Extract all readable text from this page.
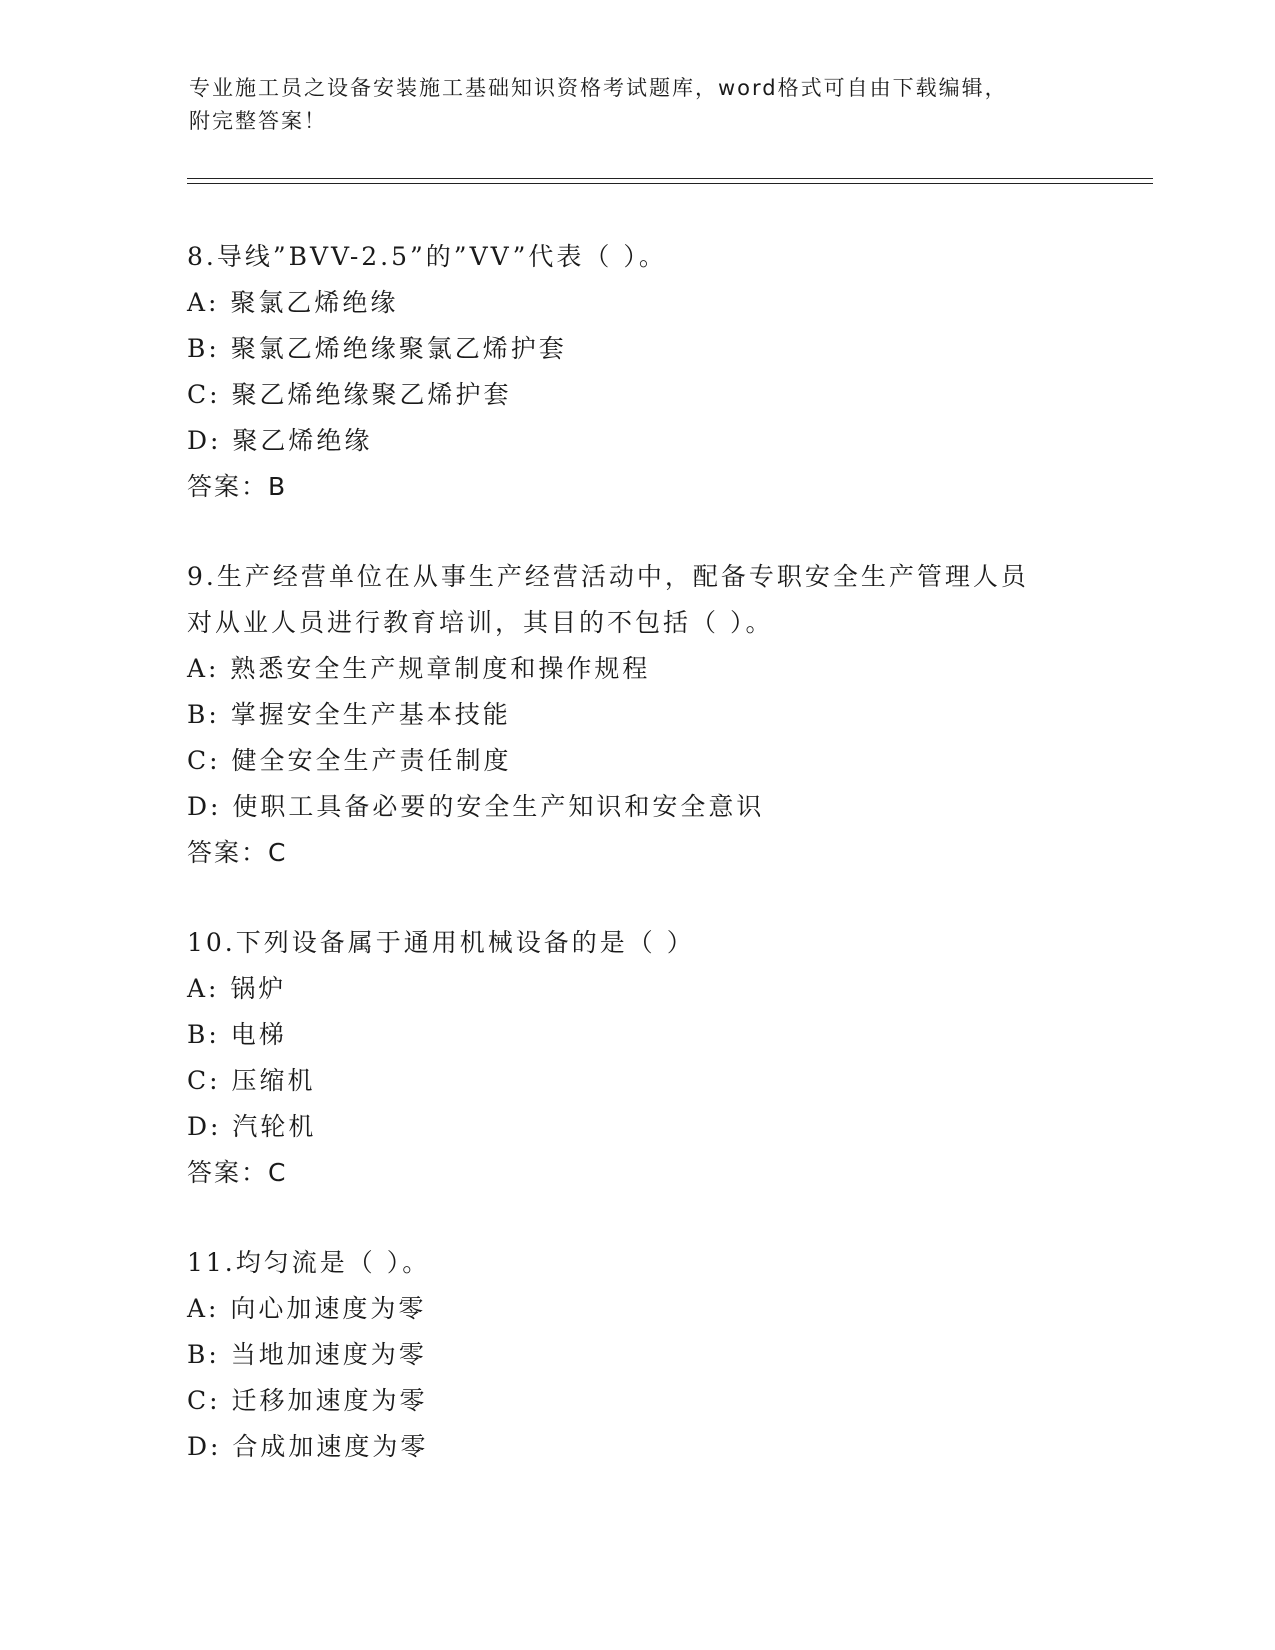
专业施工员之设备安装施工基础知识资格考试题库，word格式可自由下载编辑，
附完整答案！
8.导线”BVV-2.5”的”VV”代表（ ）。
A: 聚氯乙烯绝缘
B: 聚氯乙烯绝缘聚氯乙烯护套
C: 聚乙烯绝缘聚乙烯护套
D: 聚乙烯绝缘
答案：B
9.生产经营单位在从事生产经营活动中，配备专职安全生产管理人员
对从业人员进行教育培训，其目的不包括（ ）。
A: 熟悉安全生产规章制度和操作规程
B: 掌握安全生产基本技能
C: 健全安全生产责任制度
D: 使职工具备必要的安全生产知识和安全意识
答案：C
10.下列设备属于通用机械设备的是（ ）
A: 锅炉
B: 电梯
C: 压缩机
D: 汽轮机
答案：C
11.均匀流是（ ）。
A: 向心加速度为零
B: 当地加速度为零
C: 迁移加速度为零
D: 合成加速度为零
